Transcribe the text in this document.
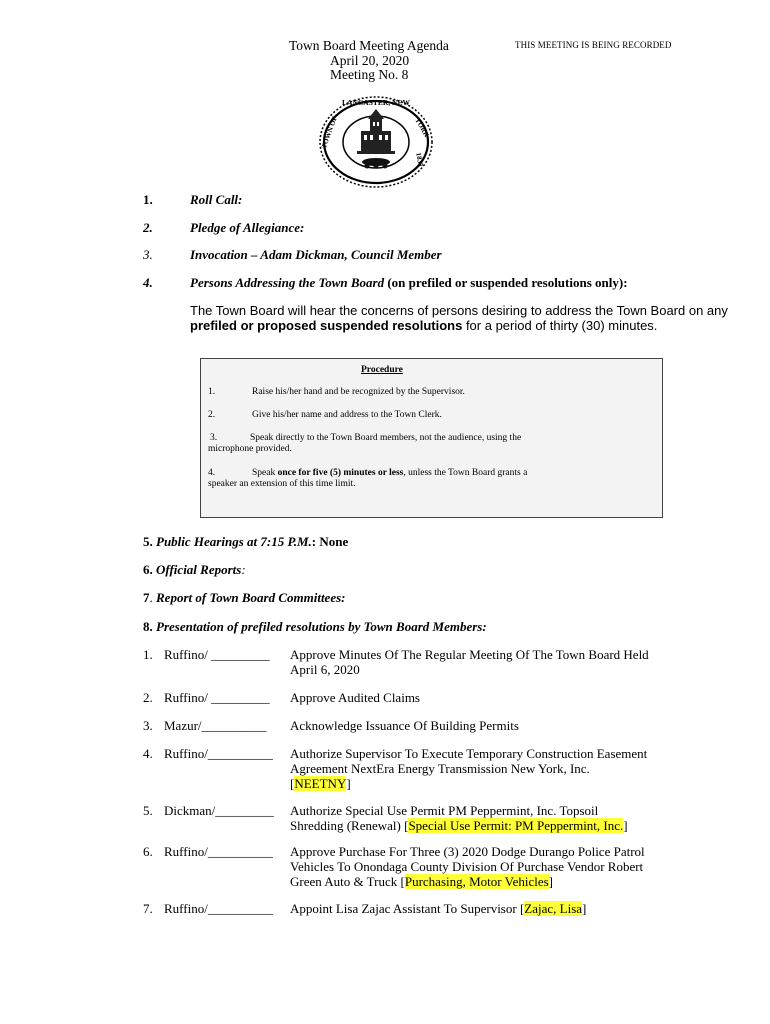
Town Board Meeting Agenda
April 20, 2020
Meeting No. 8
THIS MEETING IS BEING RECORDED
LANCASTER, NEW
TOWN OF	YORK
1833
1.	Roll Call:
2.	Pledge of Allegiance:
3.	Invocation – Adam Dickman, Council Member
4.	Persons Addressing the Town Board (on prefiled or suspended resolutions only):
The Town Board will hear the concerns of persons desiring to address the Town Board on any prefiled or proposed suspended resolutions for a period of thirty (30) minutes.
Procedure
1.	Raise his/her hand and be recognized by the Supervisor.
2.	Give his/her name and address to the Town Clerk.
3.	Speak directly to the Town Board members, not the audience, using the
microphone provided.
4.	Speak once for five (5) minutes or less, unless the Town Board grants a
speaker an extension of this time limit.
5. Public Hearings at 7:15 P.M.: None
6. Official Reports:
7. Report of Town Board Committees:
8. Presentation of prefiled resolutions by Town Board Members:
1. Ruffino/ _________ Approve Minutes Of The Regular Meeting Of The Town Board Held
April 6, 2020
2. Ruffino/ _________ Approve Audited Claims
3. Mazur/__________ Acknowledge Issuance Of Building Permits
4. Ruffino/__________ Authorize Supervisor To Execute Temporary Construction Easement
Agreement NextEra Energy Transmission New York, Inc.
[NEETNY]
5. Dickman/_________ Authorize Special Use Permit PM Peppermint, Inc. Topsoil
Shredding (Renewal) [Special Use Permit: PM Peppermint, Inc.]
6. Ruffino/__________ Approve Purchase For Three (3) 2020 Dodge Durango Police Patrol
Vehicles To Onondaga County Division Of Purchase Vendor Robert
Green Auto & Truck [Purchasing, Motor Vehicles]
7. Ruffino/__________ Appoint Lisa Zajac Assistant To Supervisor [Zajac, Lisa]
